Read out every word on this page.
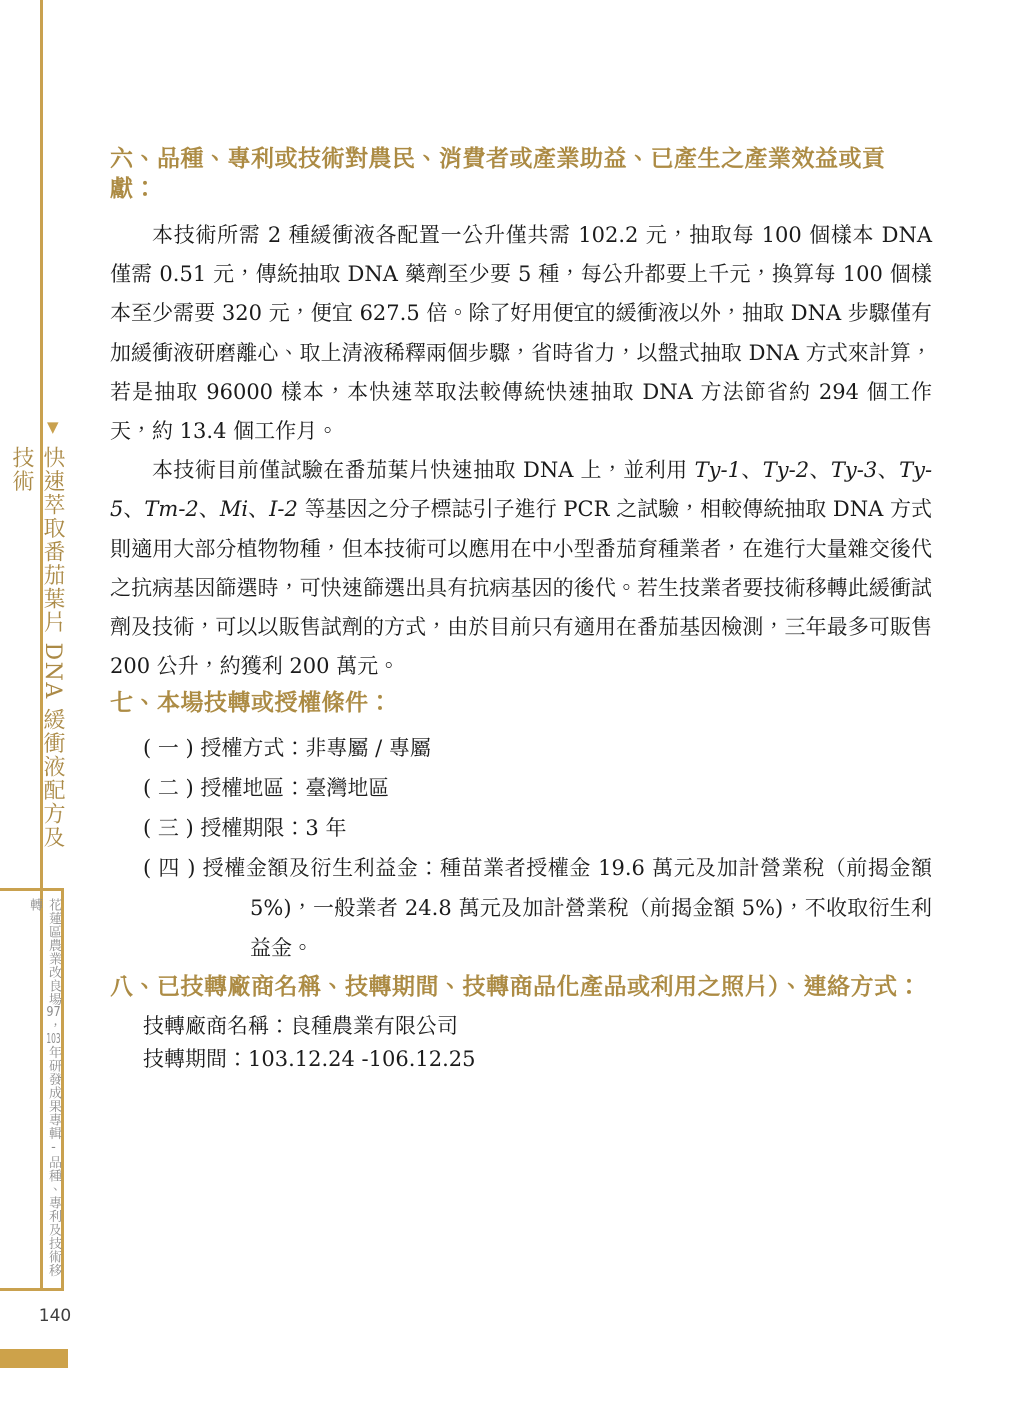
▼
快速萃取番茄葉片 DNA 緩衝液配方及技術
花蓮區農業改良場97，103年研發成果專輯-品種、專利及技術移轉
140
六、品種、專利或技術對農民、消費者或產業助益、已產生之產業效益或貢獻：

本技術所需 2 種緩衝液各配置一公升僅共需 102.2 元，抽取每 100 個樣本 DNA 僅需 0.51 元，傳統抽取 DNA 藥劑至少要 5 種，每公升都要上千元，換算每 100 個樣本至少需要 320 元，便宜 627.5 倍。除了好用便宜的緩衝液以外，抽取 DNA 步驟僅有加緩衝液研磨離心、取上清液稀釋兩個步驟，省時省力，以盤式抽取 DNA 方式來計算，若是抽取 96000 樣本，本快速萃取法較傳統快速抽取 DNA 方法節省約 294 個工作天，約 13.4 個工作月。

本技術目前僅試驗在番茄葉片快速抽取 DNA 上，並利用 Ty-1、Ty-2、Ty-3、Ty-5、Tm-2、Mi、I-2 等基因之分子標誌引子進行 PCR 之試驗，相較傳統抽取 DNA 方式則適用大部分植物物種，但本技術可以應用在中小型番茄育種業者，在進行大量雜交後代之抗病基因篩選時，可快速篩選出具有抗病基因的後代。若生技業者要技術移轉此緩衝試劑及技術，可以以販售試劑的方式，由於目前只有適用在番茄基因檢測，三年最多可販售 200 公升，約獲利 200 萬元。

七、本場技轉或授權條件：
( 一 ) 授權方式：非專屬 / 專屬
( 二 ) 授權地區：臺灣地區
( 三 ) 授權期限：3 年
( 四 ) 授權金額及衍生利益金：種苗業者授權金 19.6 萬元及加計營業稅（前揭金額 5%)，一般業者 24.8 萬元及加計營業稅（前揭金額 5%)，不收取衍生利益金。
八、已技轉廠商名稱、技轉期間、技轉商品化產品或利用之照片）、連絡方式：

技轉廠商名稱：良種農業有限公司

技轉期間：103.12.24 -106.12.25
